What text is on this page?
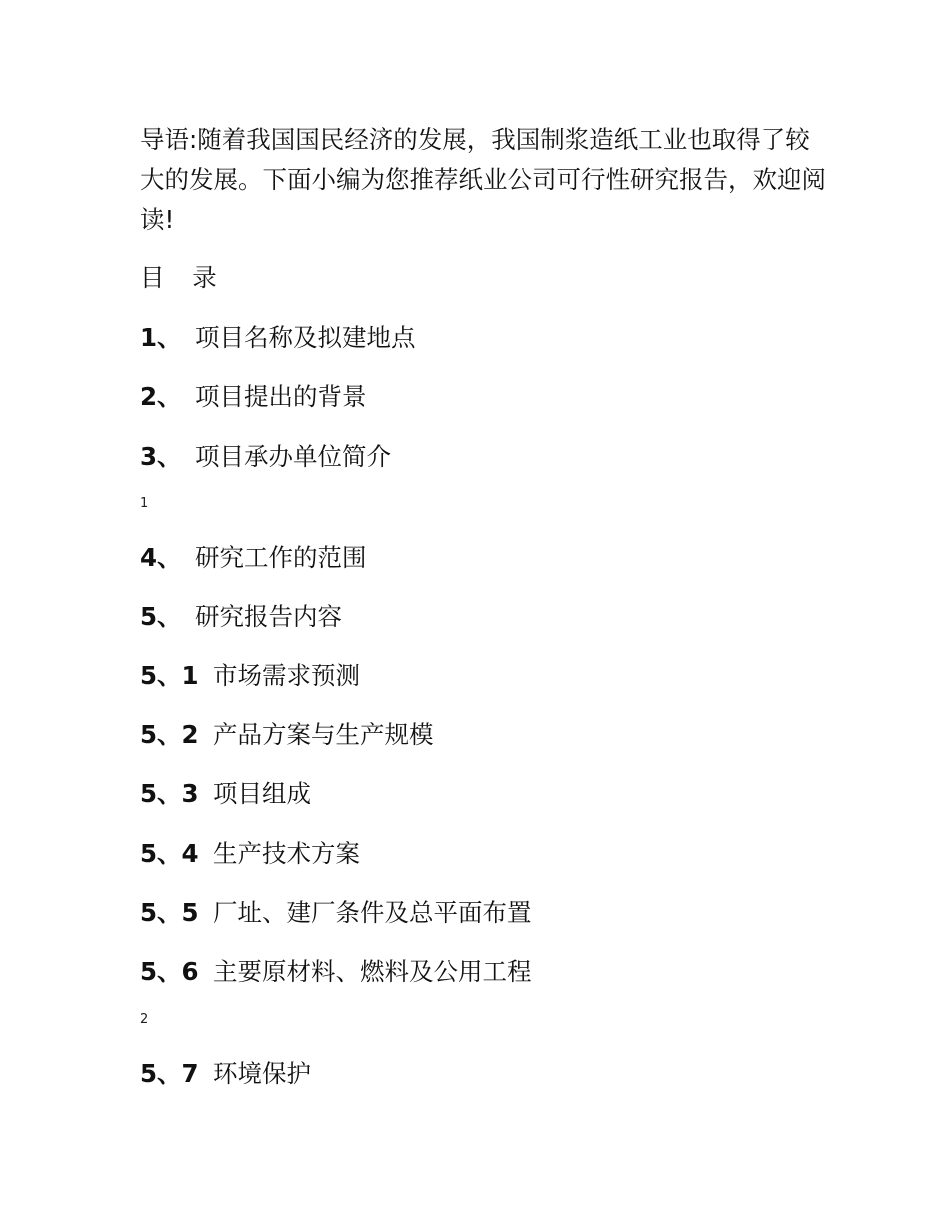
导语:随着我国国民经济的发展，我国制浆造纸工业也取得了较大的发展。下面小编为您推荐纸业公司可行性研究报告，欢迎阅读!

目 录

1、 项目名称及拟建地点

2、 项目提出的背景

3、 项目承办单位简介

1

4、 研究工作的范围

5、 研究报告内容

5、1 市场需求预测

5、2 产品方案与生产规模

5、3 项目组成

5、4 生产技术方案

5、5 厂址、建厂条件及总平面布置

5、6 主要原材料、燃料及公用工程

2

5、7 环境保护
